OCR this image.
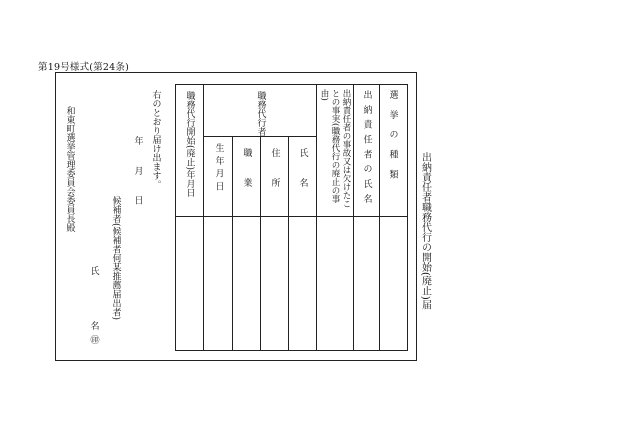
第19号様式(第24条)
出納責任者職務代行の開始(廃止)届
選 挙 の 種 類
出 納 責 任 者 の 氏 名
出納責任者の事故又は欠けたことの事実(職務代行の廃止の事由)
職務代行者
氏 名
住 所
職 業
生 年 月 日
職務代行開始(廃止)年月日
右のとおり届け出ます。
年 月 日
候補者(候補者何某推薦届出者)
氏
名
㊞
和東町選挙管理委員会委員長殿
